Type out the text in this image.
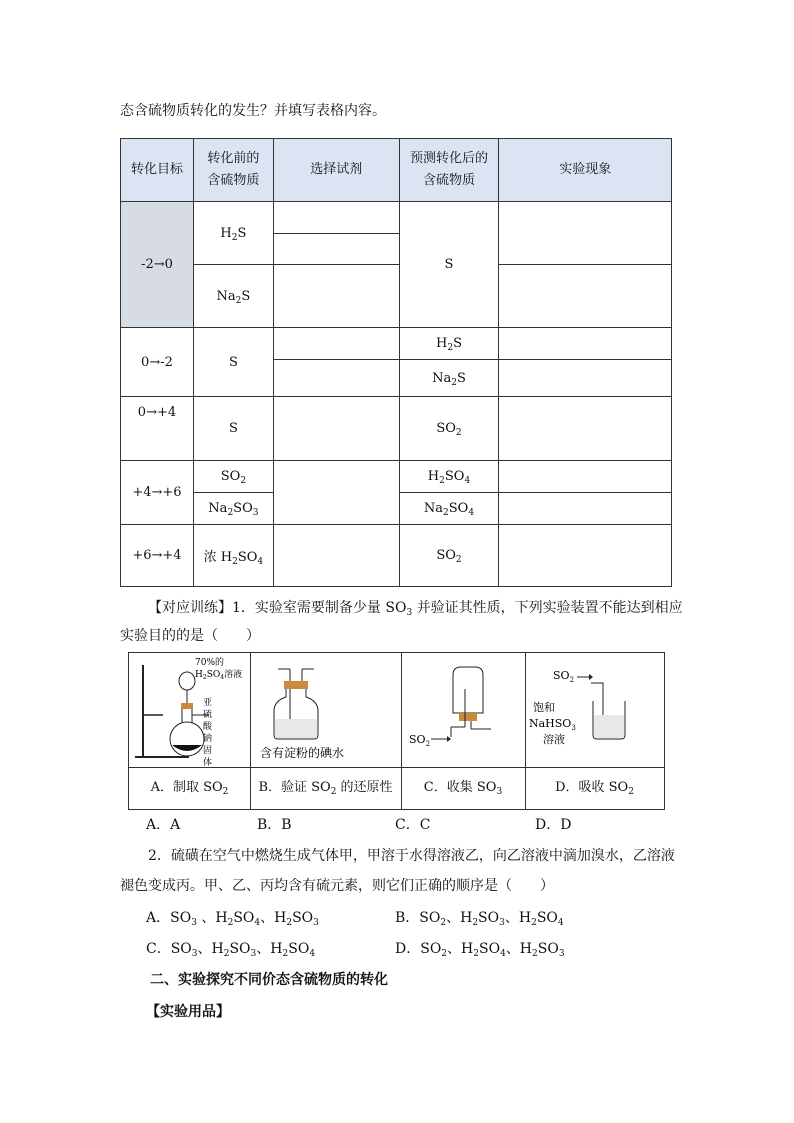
态含硫物质转化的发生？并填写表格内容。
转化目标	转化前的
含硫物质	选择试剂	预测转化后的
含硫物质	实验现象
-2→0	$H_2S$		S	

	$Na_2S$			

0→-2	S		$H_2S$	
			$Na_2S$	
0→+4	S		$SO_2$	
+4→+6	$SO_2$		$H_2SO_4$	
	$Na_2SO_3$		$Na_2SO_4$	
+6→+4	浓 $H_2SO_4$		$SO_2$	
【对应训练】1．实验室需要制备少量 $SO_3$ 并验证其性质，下列实验装置不能达到相应
实验目的的是（　　）
70%的
$H_2SO_4$溶液
亚
硫
酸
钠
固
体
A．制取 $SO_2$
含有淀粉的碘水
B．验证 $SO_2$ 的还原性
$SO_2$
C．收集 $SO_3$
$SO_2$
饱和
NaHSO$_3$
溶液
D．吸收 $SO_2$
A．A	B．B	C．C	D．D
2．硫磺在空气中燃烧生成气体甲，甲溶于水得溶液乙，向乙溶液中滴加溴水，乙溶液
褪色变成丙。甲、乙、丙均含有硫元素，则它们正确的顺序是（　　）
A．$SO_3$ 、$H_2SO_4$、$H_2SO_3$	B．$SO_2$、$H_2SO_3$、$H_2SO_4$
C．$SO_3$、$H_2SO_3$、$H_2SO_4$	D．$SO_2$、$H_2SO_4$、$H_2SO_3$
二、实验探究不同价态含硫物质的转化
【实验用品】
